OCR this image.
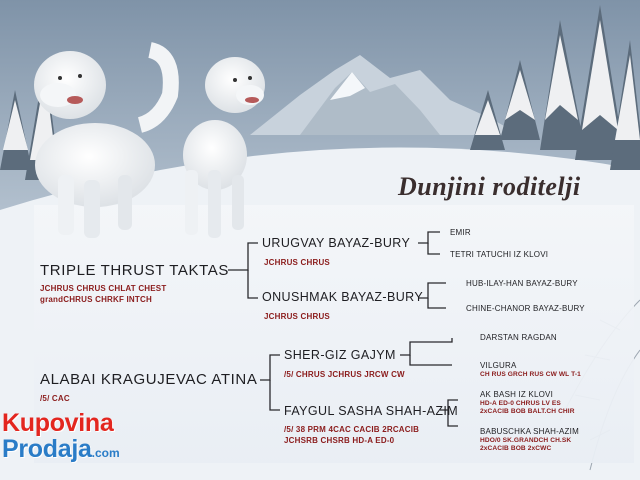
Dunjini roditelji
TRIPLE THRUST TAKTAS
JCHRUS CHRUS CHLAT CHEST
grandCHRUS CHRKF INTCH
URUGVAY BAYAZ-BURY
JCHRUS CHRUS
EMIR
TETRI TATUCHI IZ KLOVI
ONUSHMAK BAYAZ-BURY
JCHRUS CHRUS
HUB-ILAY-HAN BAYAZ-BURY
CHINE-CHANOR BAYAZ-BURY
ALABAI KRAGUJEVAC ATINA
/5/ CAC
SHER-GIZ GAJYM
/5/ CHRUS JCHRUS JRCW CW
DARSTAN RAGDAN
VILGURA
CH RUS GRCH RUS CW WL T-1
FAYGUL SASHA SHAH-AZIM
/5/ 38 PRM 4CAC CACIB 2RCACIB
JCHSRB CHSRB HD-A ED-0
AK BASH IZ KLOVI
HD-A ED-0 CHRUS LV ES
2xCACIB BOB BALT.CH CHIR
BABUSCHKA SHAH-AZIM
HDO/0 SK.GRANDCH CH.SK
2xCACIB BOB 2xCWC
Kupovina
Prodaja.com
